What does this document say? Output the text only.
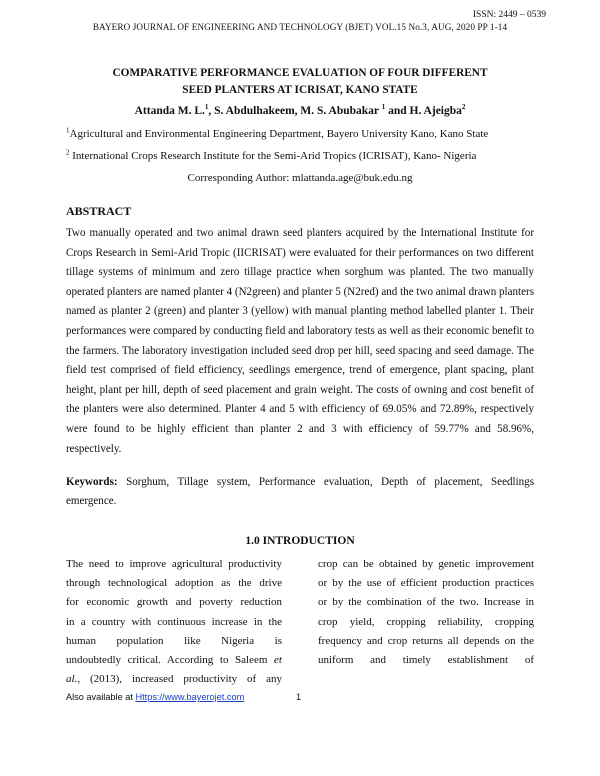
ISSN: 2449 – 0539
BAYERO JOURNAL OF ENGINEERING AND TECHNOLOGY (BJET) VOL.15 No.3, AUG, 2020 PP 1-14
COMPARATIVE PERFORMANCE EVALUATION OF FOUR DIFFERENT
SEED PLANTERS AT ICRISAT, KANO STATE
Attanda M. L.$^1$, S. Abdulhakeem, M. S. Abubakar $^1$ and H. Ajeigba$^2$
$^1$Agricultural and Environmental Engineering Department, Bayero University Kano, Kano State
$^2$ International Crops Research Institute for the Semi-Arid Tropics (ICRISAT), Kano- Nigeria
Corresponding Author: mlattanda.age@buk.edu.ng
ABSTRACT
Two manually operated and two animal drawn seed planters acquired by the International Institute for Crops Research in Semi-Arid Tropic (IICRISAT) were evaluated for their performances on two different tillage systems of minimum and zero tillage practice when sorghum was planted. The two manually operated planters are named planter 4 (N2green) and planter 5 (N2red) and the two animal drawn planters named as planter 2 (green) and planter 3 (yellow) with manual planting method labelled planter 1. Their performances were compared by conducting field and laboratory tests as well as their economic benefit to the farmers. The laboratory investigation included seed drop per hill, seed spacing and seed damage. The field test comprised of field efficiency, seedlings emergence, trend of emergence, plant spacing, plant height, plant per hill, depth of seed placement and grain weight. The costs of owning and cost benefit of the planters were also determined. Planter 4 and 5 with efficiency of 69.05% and 72.89%, respectively were found to be highly efficient than planter 2 and 3 with efficiency of 59.77% and 58.96%, respectively.
Keywords: Sorghum, Tillage system, Performance evaluation, Depth of placement, Seedlings emergence.
1.0 INTRODUCTION
The need to improve agricultural productivity
through technological adoption as the drive
for economic growth and poverty reduction
in a country with continuous increase in the
human population like Nigeria is
undoubtedly critical. According to Saleem et
al., (2013), increased productivity of any
crop can be obtained by genetic improvement
or by the use of efficient production practices
or by the combination of the two. Increase in
crop yield, cropping reliability, cropping
frequency and crop returns all depends on the
uniform and timely establishment of
Also available at Https://www.bayerojet.com	1
